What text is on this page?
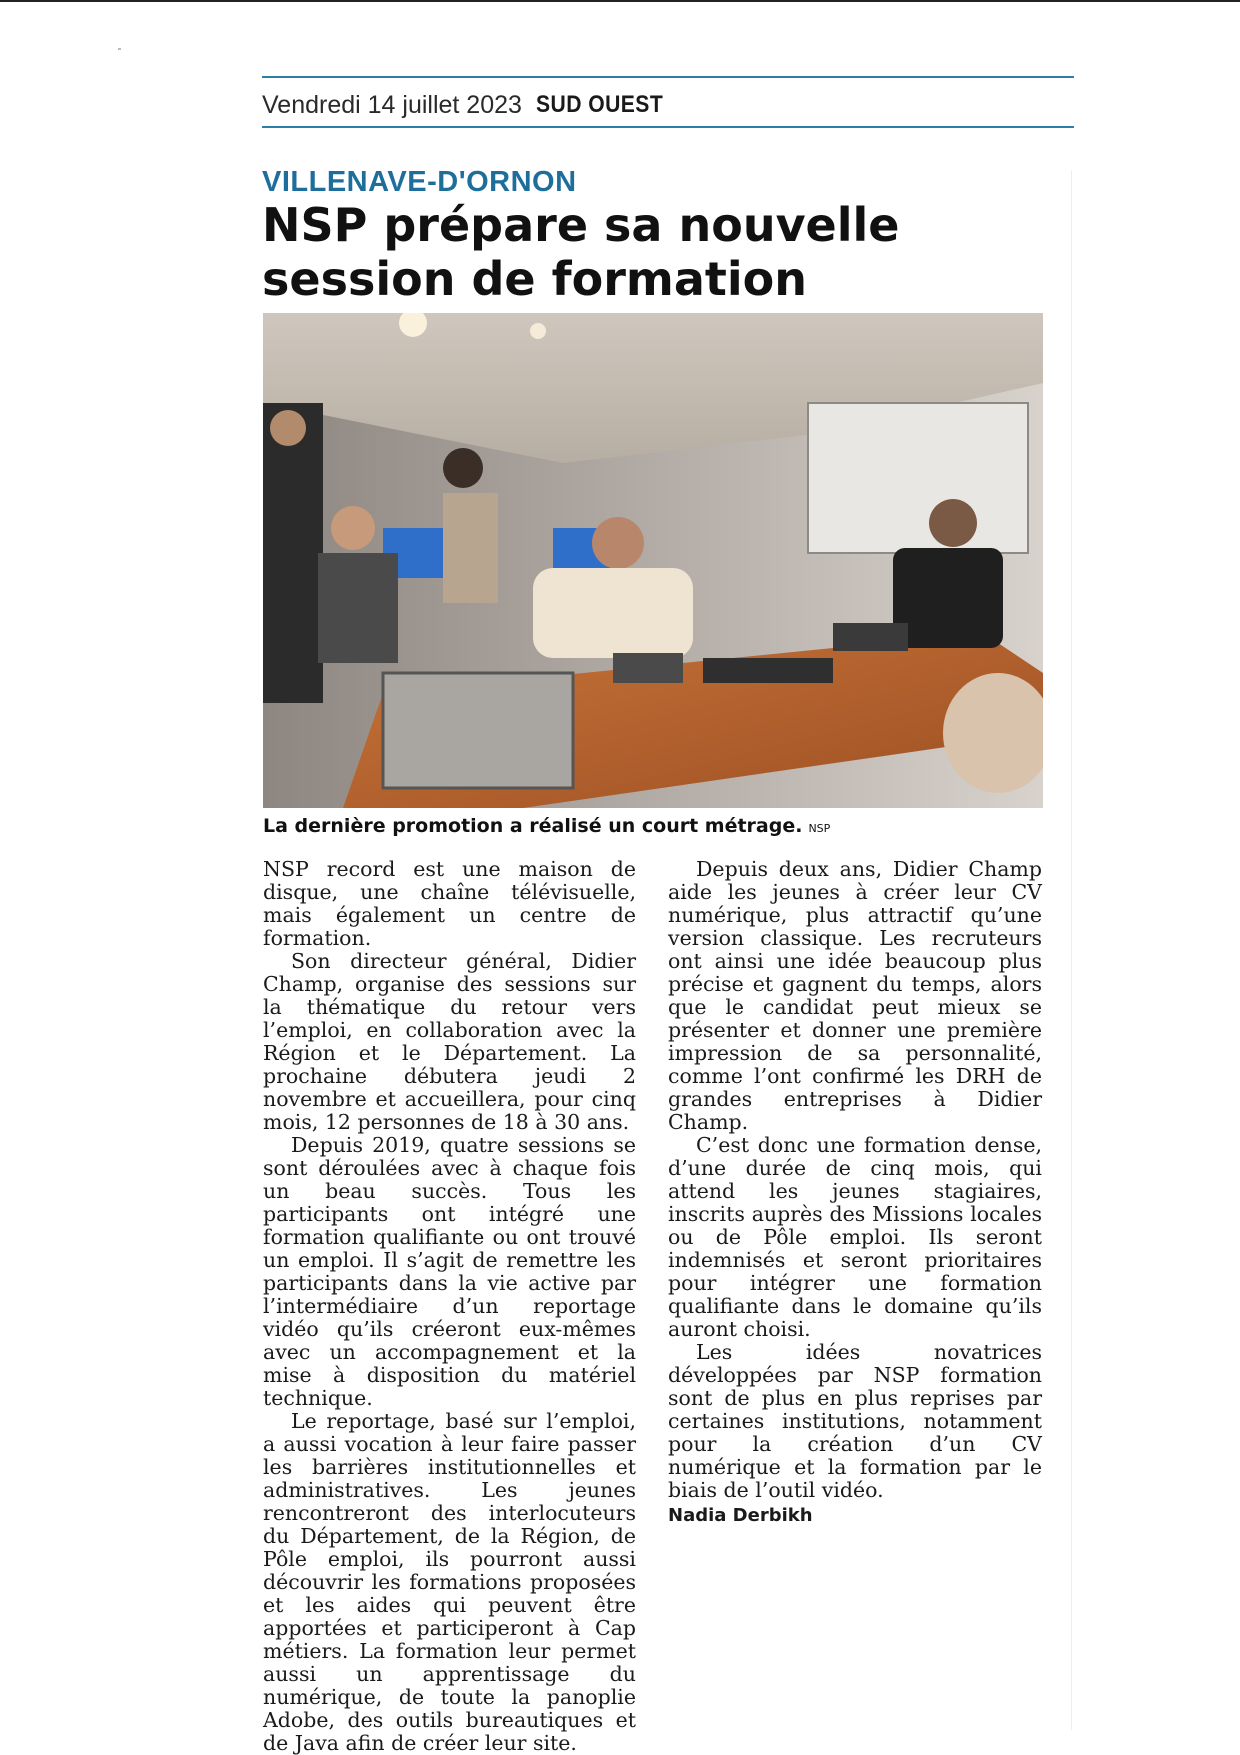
Vendredi 14 juillet 2023 SUD OUEST
VILLENAVE-D'ORNON
NSP prépare sa nouvelle session de formation
La dernière promotion a réalisé un court métrage. NSP

NSP record est une maison de disque, une chaîne télévisuelle, mais également un centre de formation.

Son directeur général, Didier Champ, organise des sessions sur la thématique du retour vers l’emploi, en collaboration avec la Région et le Département. La prochaine débutera jeudi 2 novembre et accueillera, pour cinq mois, 12 personnes de 18 à 30 ans.

Depuis 2019, quatre sessions se sont déroulées avec à chaque fois un beau succès. Tous les participants ont intégré une formation qualifiante ou ont trouvé un emploi. Il s’agit de remettre les participants dans la vie active par l’intermédiaire d’un reportage vidéo qu’ils créeront eux-mêmes avec un accompagnement et la mise à disposition du matériel technique.

Le reportage, basé sur l’emploi, a aussi vocation à leur faire passer les barrières institutionnelles et administratives. Les jeunes rencontreront des interlocuteurs du Département, de la Région, de Pôle emploi, ils pourront aussi découvrir les formations proposées et les aides qui peuvent être apportées et participeront à Cap métiers. La formation leur permet aussi un apprentissage du numérique, de toute la panoplie Adobe, des outils bureautiques et de Java afin de créer leur site.

Depuis deux ans, Didier Champ aide les jeunes à créer leur CV numérique, plus attractif qu’une version classique. Les recruteurs ont ainsi une idée beaucoup plus précise et gagnent du temps, alors que le candidat peut mieux se présenter et donner une première impression de sa personnalité, comme l’ont confirmé les DRH de grandes entreprises à Didier Champ.

C’est donc une formation dense, d’une durée de cinq mois, qui attend les jeunes stagiaires, inscrits auprès des Missions locales ou de Pôle emploi. Ils seront indemnisés et seront prioritaires pour intégrer une formation qualifiante dans le domaine qu’ils auront choisi.

Les idées novatrices développées par NSP formation sont de plus en plus reprises par certaines institutions, notamment pour la création d’un CV numérique et la formation par le biais de l’outil vidéo.

Nadia Derbikh
